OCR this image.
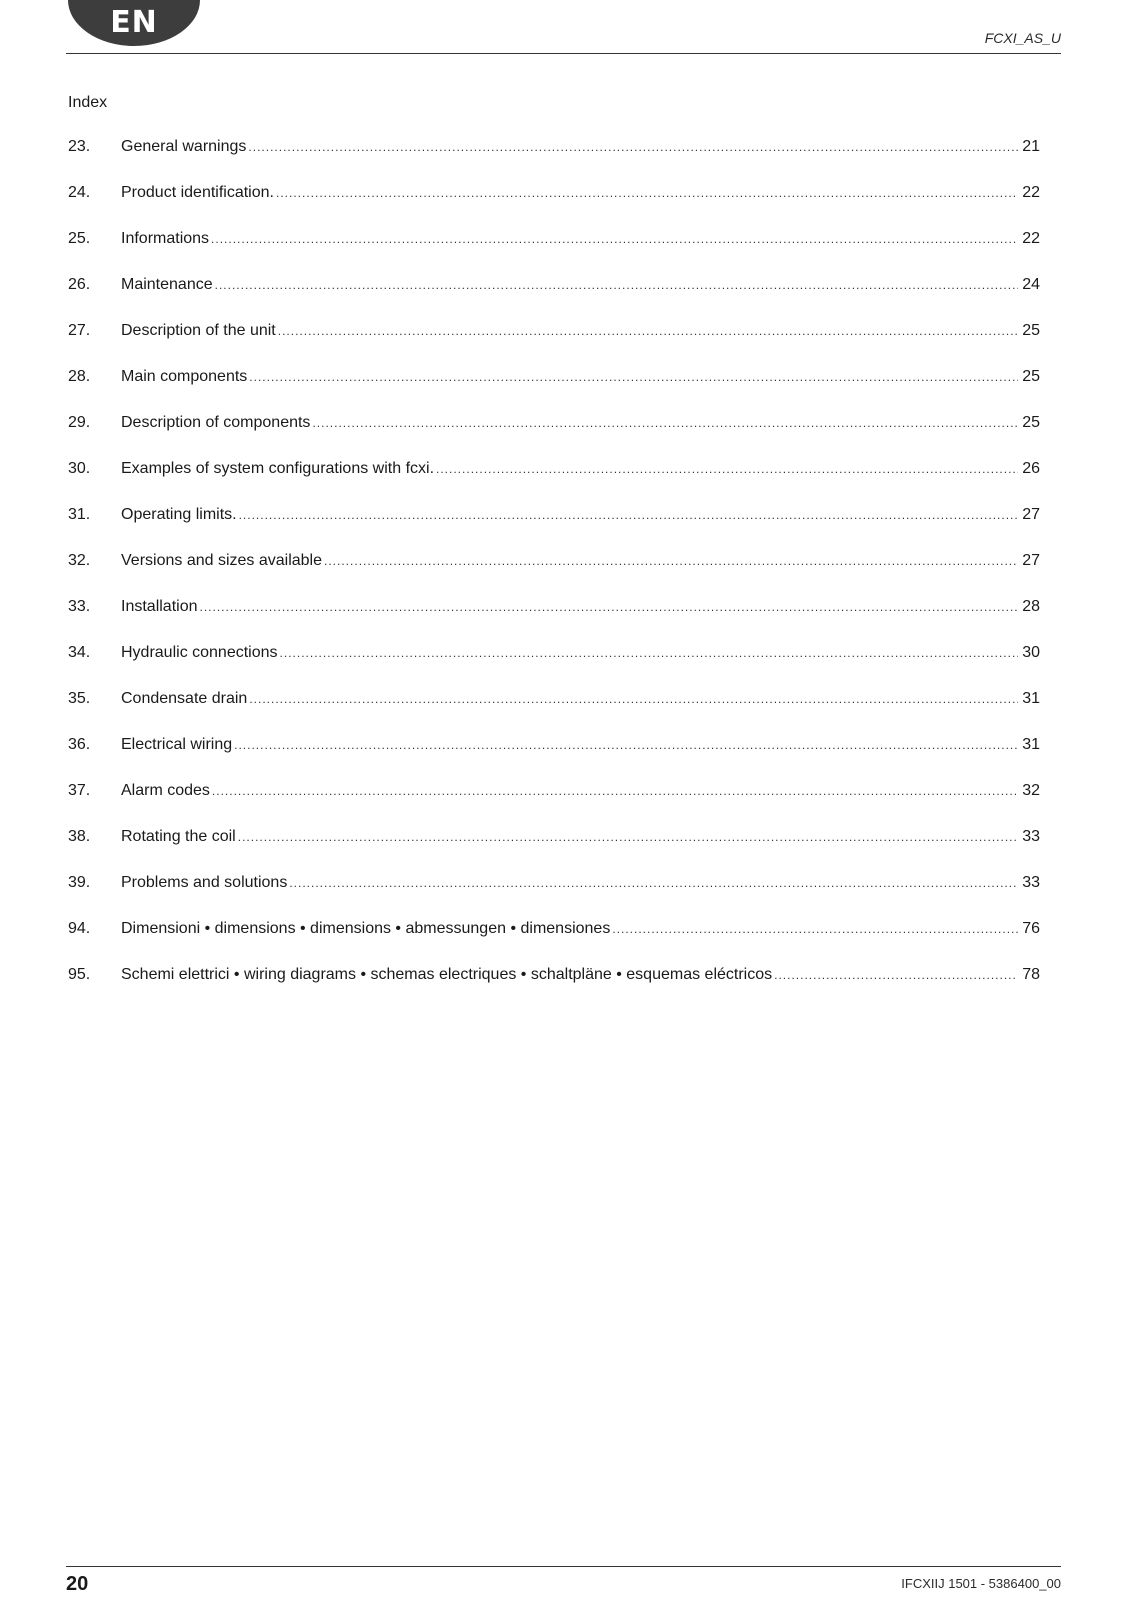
EN	FCXI_AS_U
Index
23.	General warnings .....	21
24.	Product identification. .....	22
25.	Informations .....	22
26.	Maintenance .....	24
27.	Description of the unit .....	25
28.	Main components .....	25
29.	Description of components .....	25
30.	Examples of system configurations with fcxi. .....	26
31.	Operating limits. .....	27
32.	Versions and sizes available .....	27
33.	Installation .....	28
34.	Hydraulic connections .....	30
35.	Condensate drain .....	31
36.	Electrical wiring .....	31
37.	Alarm codes .....	32
38.	Rotating the coil .....	33
39.	Problems and solutions .....	33
94.	Dimensioni • dimensions • dimensions • abmessungen • dimensiones .....	76
95.	Schemi elettrici • wiring diagrams • schemas electriques • schaltpläne • esquemas eléctricos .....	78
20	IFCXIIJ 1501 - 5386400_00
